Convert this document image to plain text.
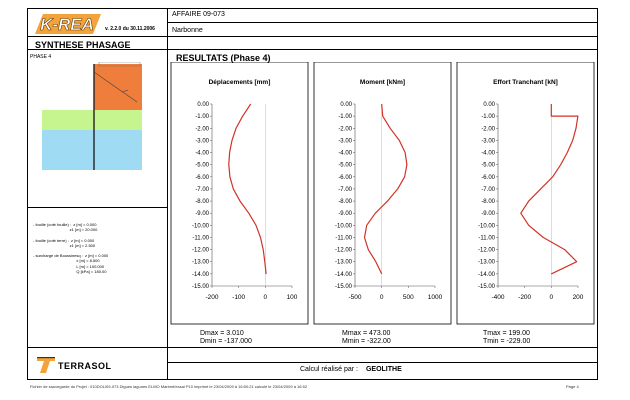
K-REA v. 2.2.0 du 30.11.2006
AFFAIRE 09-073
Narbonne
SYNTHESE PHASAGE
PHASE 4	RESULTATS (Phase 4)
- fouille (coté fouille) :  z [m] = 0.000
z1 [m] = 20.000

- fouille (coté terre) :  z [m] = 0.000
z1 [m] = 2.500

- surcharge de Boussinesq :  z [m] = 0.000
x [m] = 8.500
L [m] = 100.000
Q [kPa] = 180.00
Déplacements [mm]
0.00
-1.00
-2.00
-3.00
-4.00
-5.00
-6.00
-7.00
-8.00
-9.00
-10.00
-11.00
-12.00
-13.00
-14.00
-15.00
-200 -100	0	100
Moment [kNm]
0.00
-1.00
-2.00
-3.00
-4.00
-5.00
-6.00
-7.00
-8.00
-9.00
-10.00
-11.00
-12.00
-13.00
-14.00
-15.00
-500	0	500 1000
Effort Tranchant [kN]
0.00
-1.00
-2.00
-3.00
-4.00
-5.00
-6.00
-7.00
-8.00
-9.00
-10.00
-11.00
-12.00
-13.00
-14.00
-15.00
-400 -200	0	200
Dmax = 3.010
Dmin = -137.000
Mmax = 473.00
Mmin = -322.00
Tmax = 199.00
Tmin = -229.00
TERRASOL	Calcul réalisé par : GEOLITHE
Fichier de sauvegarde du Projet : 010DOLI09-073 Digues lagunes ELMO Marbrel/essai P10 imprimé le 23/04/2009 à 16:50:21 calculé le 23/04/2009 à 16:52	Page 4
